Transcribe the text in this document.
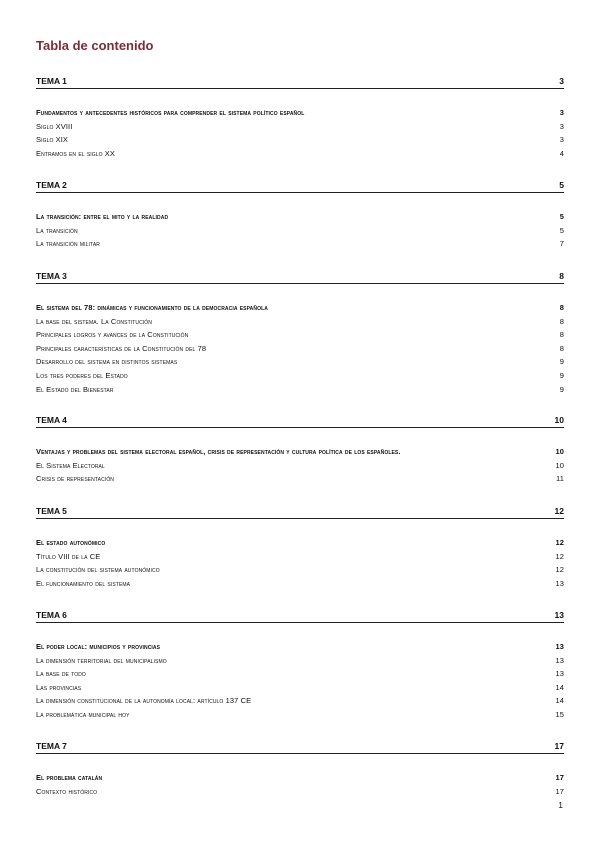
Tabla de contenido
TEMA 1	3
Fundamentos y antecedentes históricos para comprender el sistema político español	3
Siglo XVIII	3
Siglo XIX	3
Entramos en el siglo XX	4
TEMA 2	5
La transición: entre el mito y la realidad	5
La transición	5
La transición militar	7
TEMA 3	8
El sistema del 78: dinámicas y funcionamiento de la democracia española	8
La base del sistema. La Constitución	8
Principales logros y avances de la Constitución	8
Principales características de la Constitución del 78	8
Desarrollo del sistema en distintos sistemas	9
Los tres poderes del Estado	9
El Estado del Bienestar	9
TEMA 4	10
Ventajas y problemas del sistema electoral español, crisis de representación y cultura política de los españoles.	10
El Sistema Electoral	10
Crisis de representación	11
TEMA 5	12
El estado autonómico	12
Título VIII de la CE	12
La constitución del sistema autonómico	12
El funcionamiento del sistema	13
TEMA 6	13
El poder local: municipios y provincias	13
La dimensión territorial del municipalismo	13
La base de todo	13
Las provincias	14
La dimensión constitucional de la autonomía local: artículo 137 CE	14
La problemática municipal hoy	15
TEMA 7	17
El problema catalán	17
Contexto histórico	17
1
